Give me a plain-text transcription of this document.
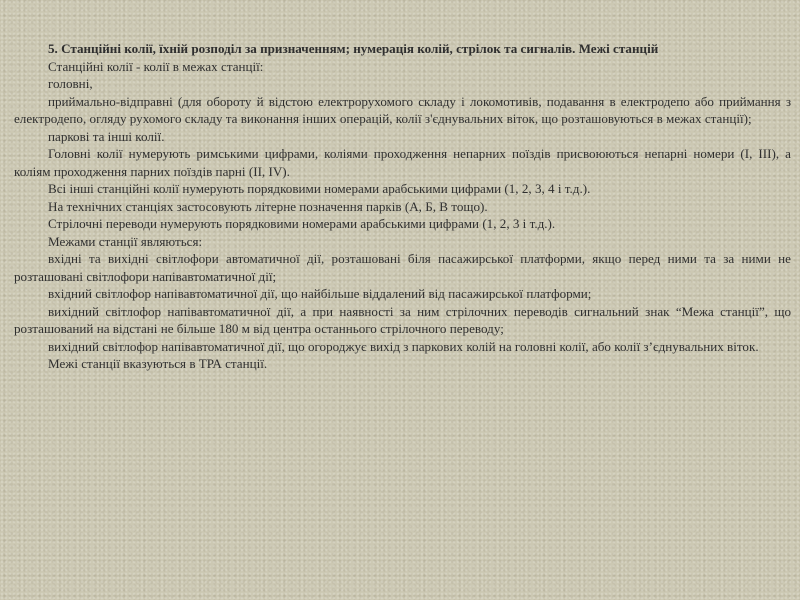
5. Станційні колії, їхній розподіл за призначенням; нумерація колій, стрілок та сигналів. Межі станцій

Станційні колії - колії в межах станції:

головні,

приймально-відправні (для обороту й відстою електрорухомого складу і локомотивів, подавання в електродепо або приймання з електродепо, огляду рухомого складу та виконання інших операцій, колії з'єднувальних віток, що розташовуються в межах станції);

паркові та інші колії.

Головні колії нумерують римськими цифрами, коліями проходження непарних поїздів присвоюються непарні номери (I, III), а коліям проходження парних поїздів парні (II, IV).

Всі інші станційні колії нумерують порядковими номерами арабськими цифрами (1, 2, 3, 4 і т.д.).

На технічних станціях застосовують літерне позначення парків (А, Б, В тощо).

Стрілочні переводи нумерують порядковими номерами арабськими цифрами (1, 2, 3 і т.д.).

Межами станції являються:

вхідні та вихідні світлофори автоматичної дії, розташовані біля пасажирської платформи, якщо перед ними та за ними не розташовані світлофори напівавтоматичної дії;

вхідний світлофор напівавтоматичної дії, що найбільше віддалений від пасажирської платформи;

вихідний світлофор напівавтоматичної дії, а при наявності за ним стрілочних переводів сигнальний знак “Межа станції”, що розташований на відстані не більше 180 м від центра останнього стрілочного переводу;

вихідний світлофор напівавтоматичної дії, що огороджує вихід з паркових колій на головні колії, або колії з’єднувальних віток.

Межі станції вказуються в ТРА станції.
